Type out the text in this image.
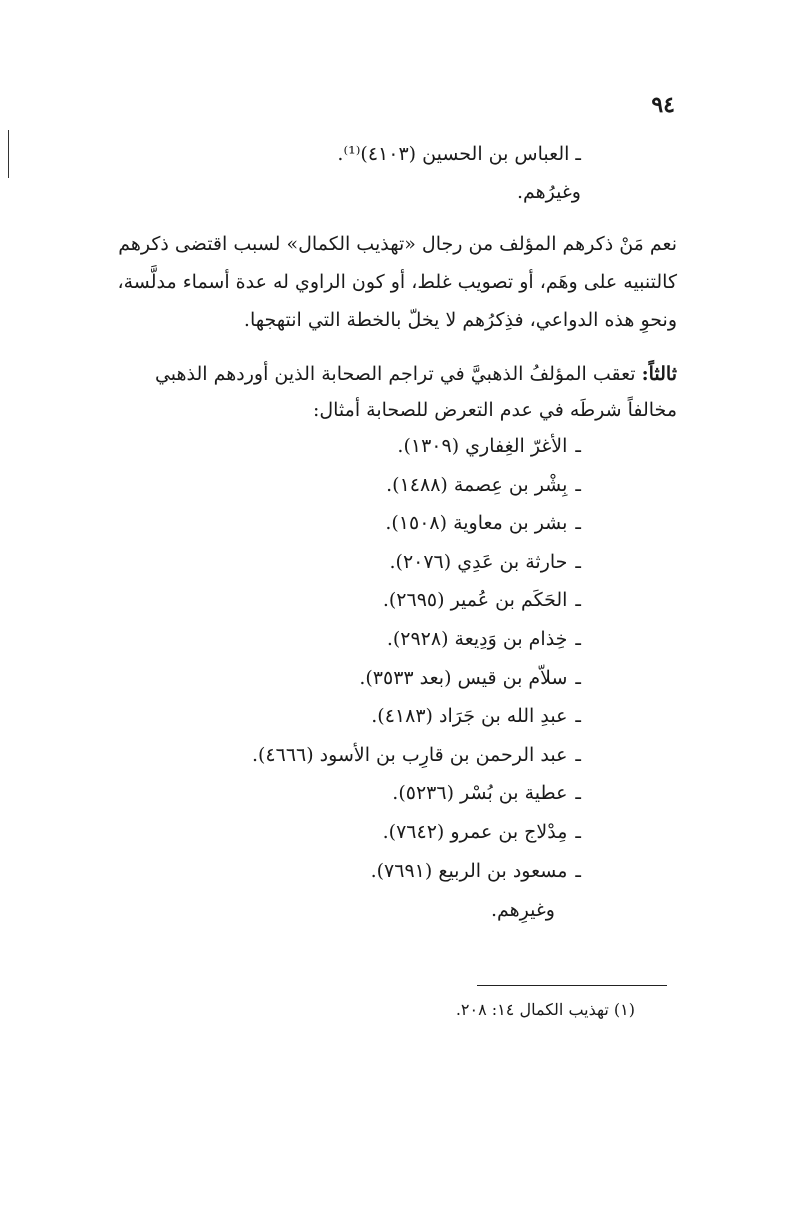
٩٤
ـ العباس بن الحسين (٤١٠٣)⁽¹⁾.
وغيرُهم.
نعم مَنْ ذكرهم المؤلف من رجال «تهذيب الكمال» لسبب اقتضى ذكرهم
كالتنبيه على وهَم، أو تصويب غلط، أو كون الراوي له عدة أسماء مدلَّسة،
ونحوِ هذه الدواعي، فذِكرُهم لا يخلّ بالخطة التي انتهجها.
ثالثاً: تعقب المؤلفُ الذهبيَّ في تراجم الصحابة الذين أوردهم الذهبي
مخالفاً شرطَه في عدم التعرض للصحابة أمثال:
ـالأغرّ الغِفاري (١٣٠٩).
ـبِشْر بن عِصمة (١٤٨٨).
ـبشر بن معاوية (١٥٠٨).
ـحارثة بن عَدِي (٢٠٧٦).
ـالحَكَم بن عُمير (٢٦٩٥).
ـخِذام بن وَدِيعة (٢٩٢٨).
ـسلاّم بن قيس (بعد ٣٥٣٣).
ـعبدِ الله بن جَرَاد (٤١٨٣).
ـعبد الرحمن بن قارِب بن الأسود (٤٦٦٦).
ـعطية بن بُسْر (٥٢٣٦).
ـمِدْلاج بن عمرو (٧٦٤٢).
ـمسعود بن الربيع (٧٦٩١).
وغيرِهم.
(١) تهذيب الكمال ١٤: ٢٠٨.
